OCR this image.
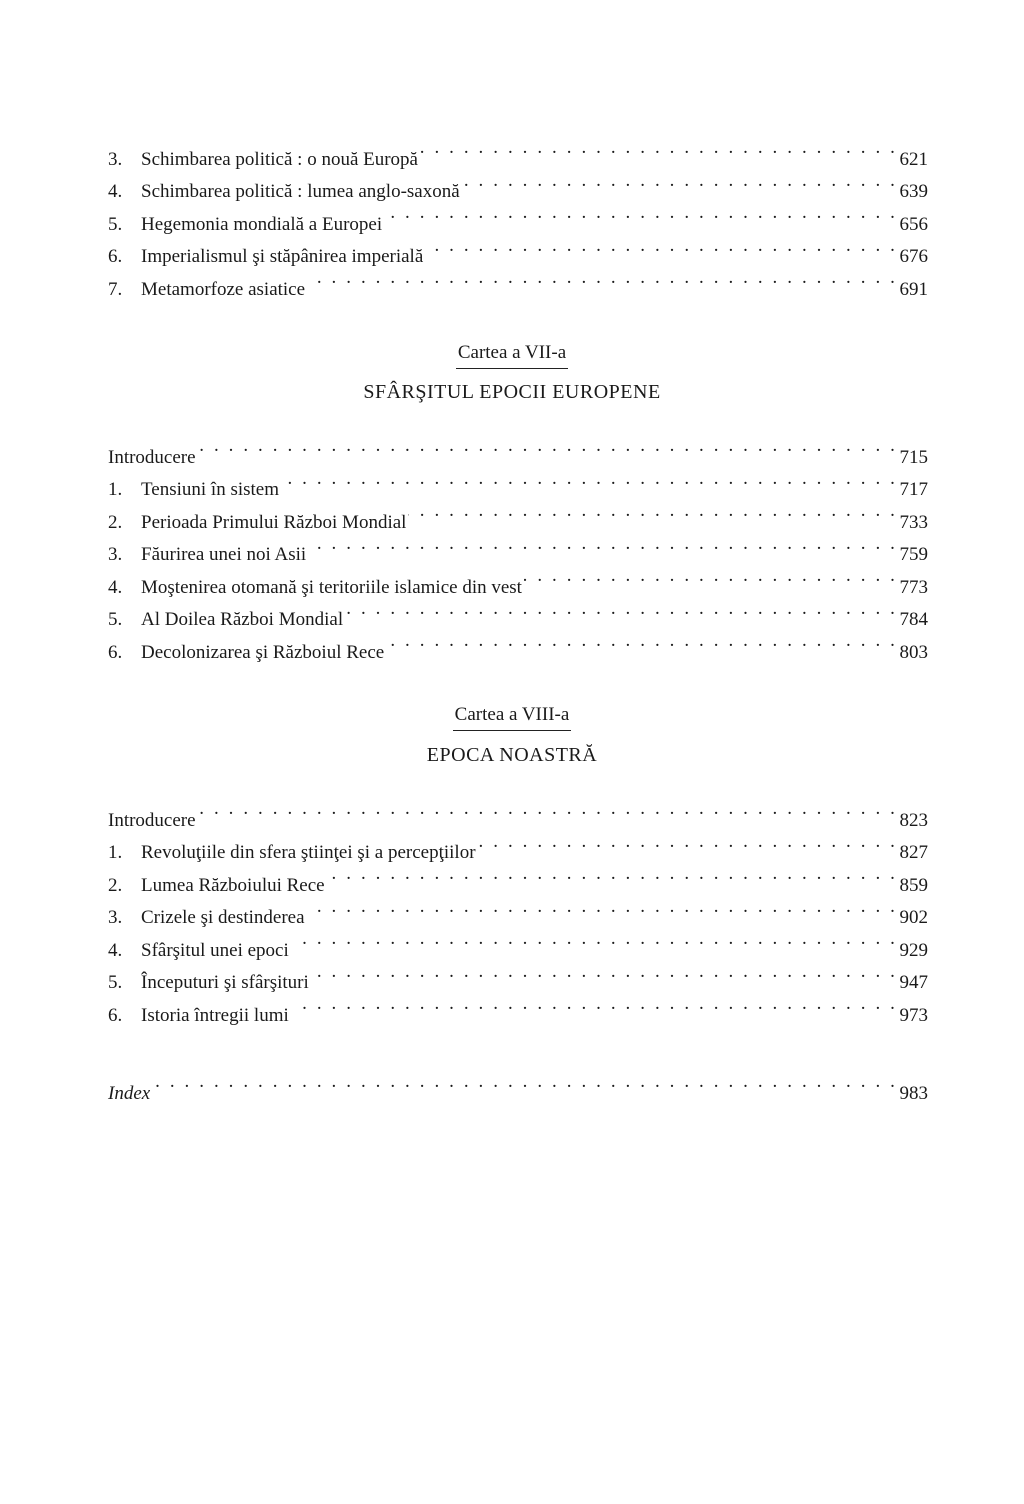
3. Schimbarea politică : o nouă Europă . . .	621
4. Schimbarea politică : lumea anglo-saxonă . . .	639
5. Hegemonia mondială a Europei . . .	656
6. Imperialismul şi stăpânirea imperială . . .	676
7. Metamorfoze asiatice . . .	691
Cartea a VII-a
SFÂRŞITUL EPOCII EUROPENE
Introducere . . .	715
1. Tensiuni în sistem . . .	717
2. Perioada Primului Război Mondial . . .	733
3. Făurirea unei noi Asii . . .	759
4. Moştenirea otomană şi teritoriile islamice din vest . . .	773
5. Al Doilea Război Mondial . . .	784
6. Decolonizarea şi Războiul Rece . . .	803
Cartea a VIII-a
EPOCA NOASTRĂ
Introducere . . .	823
1. Revoluţiile din sfera ştiinţei şi a percepţiilor . . .	827
2. Lumea Războiului Rece . . .	859
3. Crizele şi destinderea . . .	902
4. Sfârşitul unei epoci . . .	929
5. Începuturi şi sfârşituri . . .	947
6. Istoria întregii lumi . . .	973
Index . . .	983
